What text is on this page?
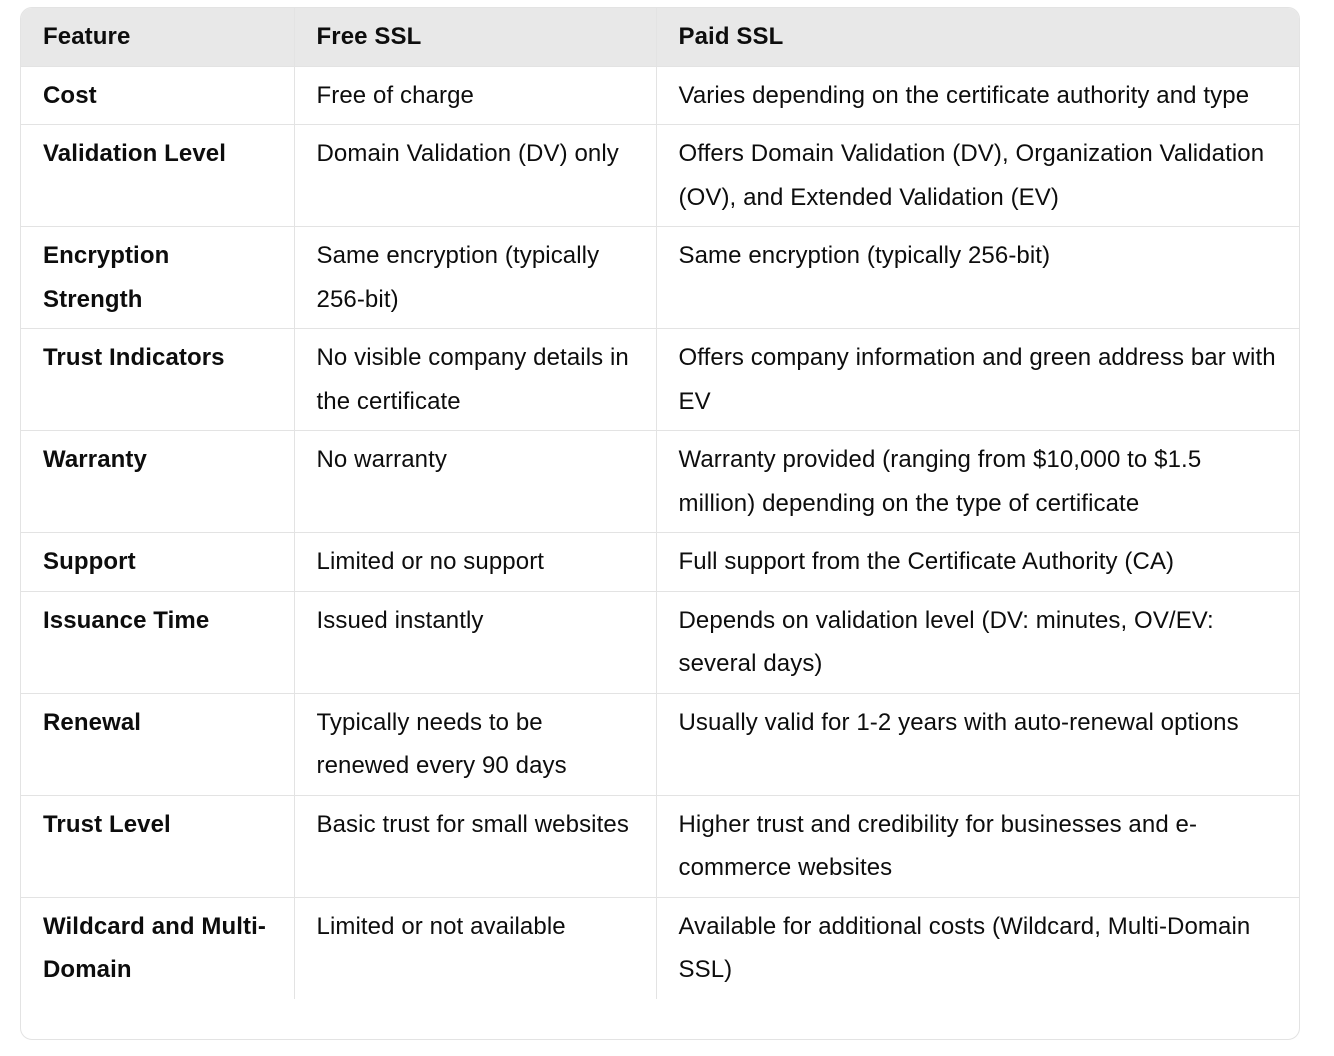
Feature	Free SSL	Paid SSL
Cost	Free of charge	Varies depending on the certificate authority and type
Validation Level	Domain Validation (DV) only	Offers Domain Validation (DV), Organization Validation (OV), and Extended Validation (EV)
Encryption Strength	Same encryption (typically 256-bit)	Same encryption (typically 256-bit)
Trust Indicators	No visible company details in the certificate	Offers company information and green address bar with EV
Warranty	No warranty	Warranty provided (ranging from $10,000 to $1.5 million) depending on the type of certificate
Support	Limited or no support	Full support from the Certificate Authority (CA)
Issuance Time	Issued instantly	Depends on validation level (DV: minutes, OV/EV: several days)
Renewal	Typically needs to be renewed every 90 days	Usually valid for 1-2 years with auto-renewal options
Trust Level	Basic trust for small websites	Higher trust and credibility for businesses and e-commerce websites
Wildcard and Multi-Domain	Limited or not available	Available for additional costs (Wildcard, Multi-Domain SSL)
